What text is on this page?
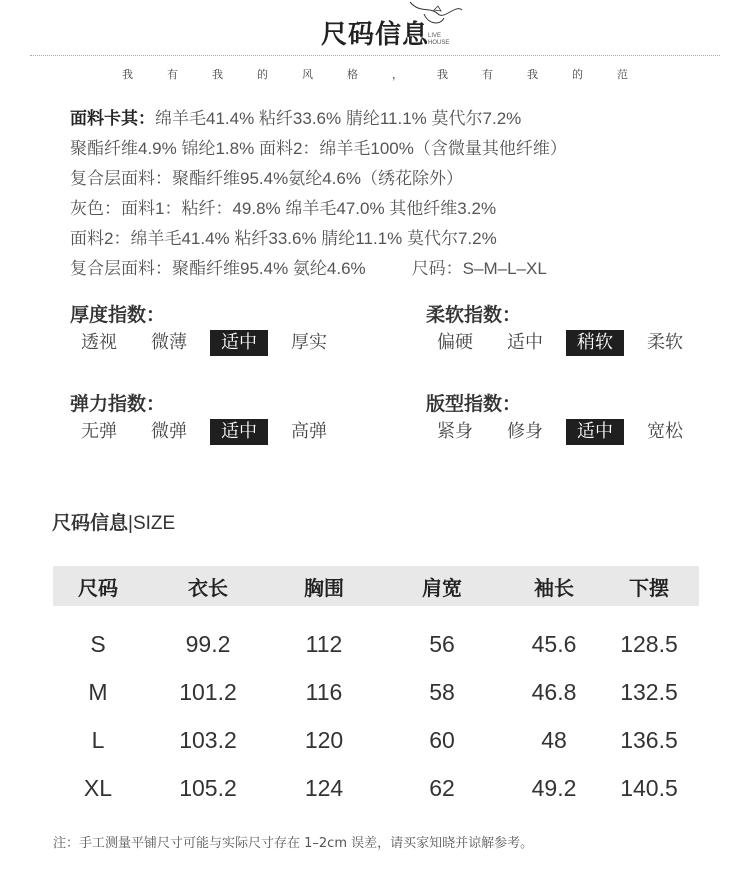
尺码信息 LIVE
HOUSE
我	有	我	的	风	格	，	我	有	我	的	范
面料卡其：绵羊毛41.4% 粘纤33.6% 腈纶11.1% 莫代尔7.2%
聚酯纤维4.9% 锦纶1.8% 面料2：绵羊毛100%（含微量其他纤维）
复合层面料：聚酯纤维95.4%氨纶4.6%（绣花除外）
灰色：面料1：粘纤：49.8% 绵羊毛47.0% 其他纤维3.2%
面料2：绵羊毛41.4% 粘纤33.6% 腈纶11.1% 莫代尔7.2%
复合层面料：聚酯纤维95.4% 氨纶4.6%	尺码：S–M–L–XL
厚度指数：
透视	微薄	适中	厚实
柔软指数：
偏硬	适中	稍软	柔软
弹力指数：
无弹	微弹	适中	高弹
版型指数：
紧身	修身	适中	宽松
尺码信息|SIZE
尺码	衣长	胸围	肩宽	袖长	下摆
S	99.2	112	56	45.6	128.5
M	101.2	116	58	46.8	132.5
L	103.2	120	60	48	136.5
XL	105.2	124	62	49.2	140.5
注：手工测量平铺尺寸可能与实际尺寸存在 1–2cm 误差，请买家知晓并谅解参考。
